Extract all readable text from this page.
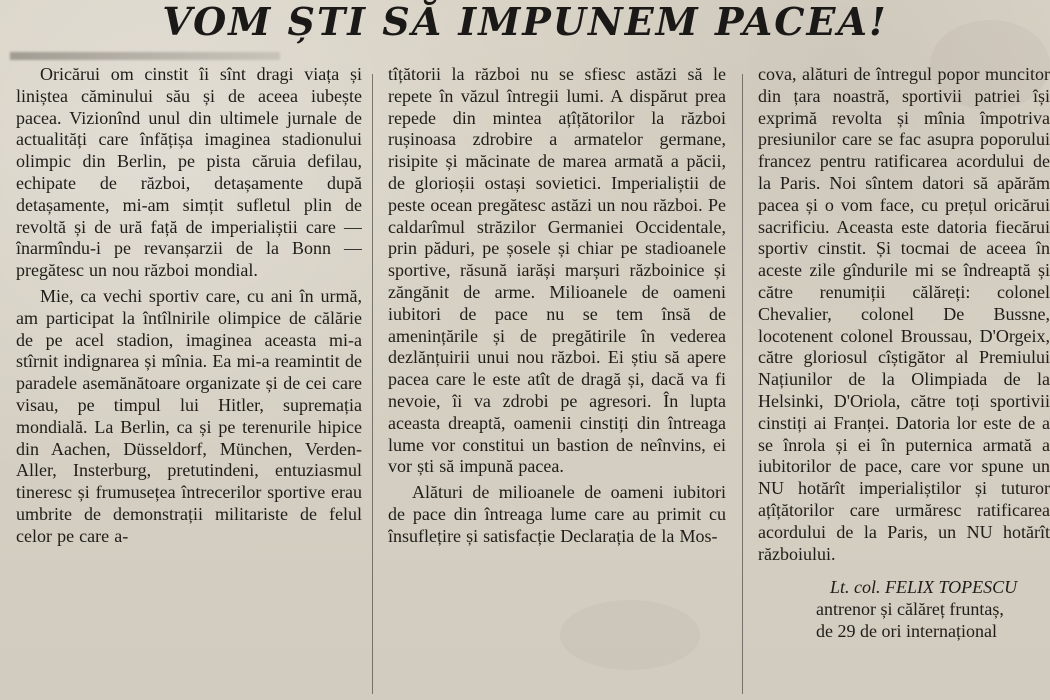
VOM ȘTI SĂ IMPUNEM PACEA!

Oricărui om cinstit îi sînt dragi viața și liniștea căminului său și de aceea iubește pacea. Vizionînd unul din ultimele jurnale de actualități care înfățișa imaginea stadionului olimpic din Berlin, pe pista căruia defilau, echipate de război, detașamente după detașamente, mi-am simțit sufletul plin de revoltă și de ură față de imperialiștii care — înarmîndu-i pe revanșarzii de la Bonn — pregătesc un nou război mondial.

Mie, ca vechi sportiv care, cu ani în urmă, am participat la întîlnirile olimpice de călărie de pe acel stadion, imaginea aceasta mi-a stîrnit indignarea și mînia. Ea mi-a reamintit de paradele asemănătoare organizate și de cei care visau, pe timpul lui Hitler, supremația mondială. La Berlin, ca și pe terenurile hipice din Aachen, Düsseldorf, München, Verden-Aller, Insterburg, pretutindeni, entuziasmul tineresc și frumusețea întrecerilor sportive erau umbrite de demonstrații militariste de felul celor pe care a-

tîțătorii la război nu se sfiesc astăzi să le repete în văzul întregii lumi. A dispărut prea repede din mintea ațîțătorilor la război rușinoasa zdrobire a armatelor germane, risipite și măcinate de marea armată a păcii, de glorioșii ostași sovietici. Imperialiștii de peste ocean pregătesc astăzi un nou război. Pe caldarîmul străzilor Germaniei Occidentale, prin păduri, pe șosele și chiar pe stadioanele sportive, răsună iarăși marșuri războinice și zăngănit de arme. Milioanele de oameni iubitori de pace nu se tem însă de amenințările și de pregătirile în vederea dezlănțuirii unui nou război. Ei știu să apere pacea care le este atît de dragă și, dacă va fi nevoie, îi va zdrobi pe agresori. În lupta aceasta dreaptă, oamenii cinstiți din întreaga lume vor constitui un bastion de neînvins, ei vor ști să impună pacea.

Alături de milioanele de oameni iubitori de pace din întreaga lume care au primit cu însuflețire și satisfacție Declarația de la Mos-

cova, alături de întregul popor muncitor din țara noastră, sportivii patriei își exprimă revolta și mînia împotriva presiunilor care se fac asupra poporului francez pentru ratificarea acordului de la Paris. Noi sîntem datori să apărăm pacea și o vom face, cu prețul oricărui sacrificiu. Aceasta este datoria fiecărui sportiv cinstit. Și tocmai de aceea în aceste zile gîndurile mi se îndreaptă și către renumiții călăreți: colonel Chevalier, colonel De Bussne, locotenent colonel Broussau, D'Orgeix, către gloriosul cîștigător al Premiului Națiunilor de la Olimpiada de la Helsinki, D'Oriola, către toți sportivii cinstiți ai Franței. Datoria lor este de a se înrola și ei în puternica armată a iubitorilor de pace, care vor spune un NU hotărît imperialiștilor și tuturor ațîțătorilor care urmăresc ratificarea acordului de la Paris, un NU hotărît războiului.

Lt. col. FELIX TOPESCU
antrenor și călăreț fruntaș,
de 29 de ori internațional
